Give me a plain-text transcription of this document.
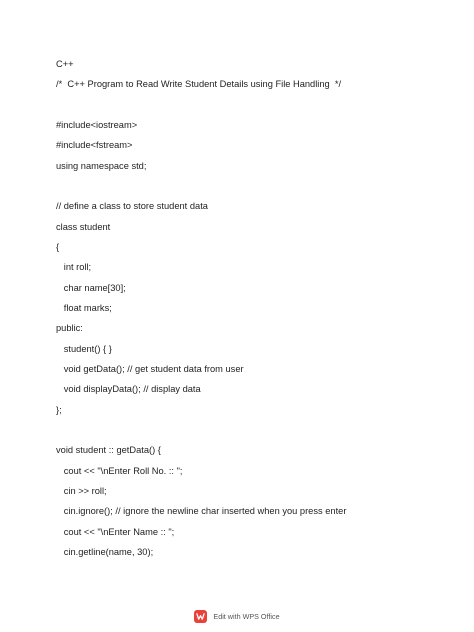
C++
/*  C++ Program to Read Write Student Details using File Handling  */
#include<iostream>
#include<fstream>
using namespace std;
// define a class to store student data
class student
{
int roll;
char name[30];
float marks;
public:
student() { }
void getData(); // get student data from user
void displayData(); // display data
};
void student :: getData() {
cout << "\nEnter Roll No. :: ";
cin >> roll;
cin.ignore(); // ignore the newline char inserted when you press enter
cout << "\nEnter Name :: ";
cin.getline(name, 30);
Edit with WPS Office
